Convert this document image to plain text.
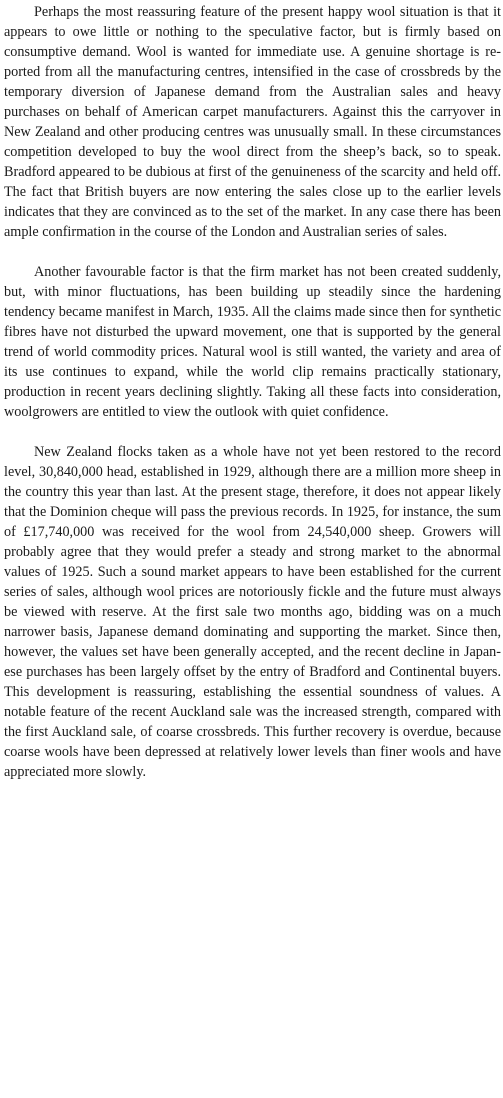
Perhaps the most reassuring feature of the present happy wool situation is that it appears to owe little or nothing to the speculative factor, but is firmly based on consumptive demand. Wool is wanted for immediate use. A genuine shortage is reported from all the manufacturing centres, intensified in the case of crossbreds by the temporary diversion of Japanese demand from the Australian sales and heavy purchases on behalf of American carpet manufacturers. Against this the carryover in New Zealand and other producing centres was unusually small. In these circumstances competition developed to buy the wool direct from the sheep’s back, so to speak. Bradford appeared to be dubious at first of the genuineness of the scarcity and held off. The fact that British buyers are now entering the sales close up to the earlier levels indicates that they are convinced as to the set of the market. In any case there has been ample confirmation in the course of the London and Australian series of sales.

Another favourable factor is that the firm market has not been created suddenly, but, with minor fluctuations, has been building up steadily since the hardening tendency became manifest in March, 1935. All the claims made since then for synthetic fibres have not disturbed the upward movement, one that is supported by the general trend of world commodity prices. Natural wool is still wanted, the variety and area of its use continues to expand, while the world clip remains practically stationary, production in recent years declining slightly. Taking all these facts into consideration, woolgrowers are entitled to view the outlook with quiet confidence.

New Zealand flocks taken as a whole have not yet been restored to the record level, 30,840,000 head, established in 1929, although there are a million more sheep in the country this year than last. At the present stage, therefore, it does not appear likely that the Dominion cheque will pass the previous records. In 1925, for instance, the sum of £17,740,000 was received for the wool from 24,540,000 sheep. Growers will probably agree that they would prefer a steady and strong market to the abnormal values of 1925. Such a sound market appears to have been established for the current series of sales, although wool prices are notoriously fickle and the future must always be viewed with reserve. At the first sale two months ago, bidding was on a much narrower basis, Japanese demand dominating and supporting the market. Since then, however, the values set have been generally accepted, and the recent decline in Japanese purchases has been largely offset by the entry of Bradford and Continental buyers. This development is reassuring, establishing the essential soundness of values. A notable feature of the recent Auckland sale was the increased strength, compared with the first Auckland sale, of coarse crossbreds. This further recovery is overdue, because coarse wools have been depressed at relatively lower levels than finer wools and have appreciated more slowly.
